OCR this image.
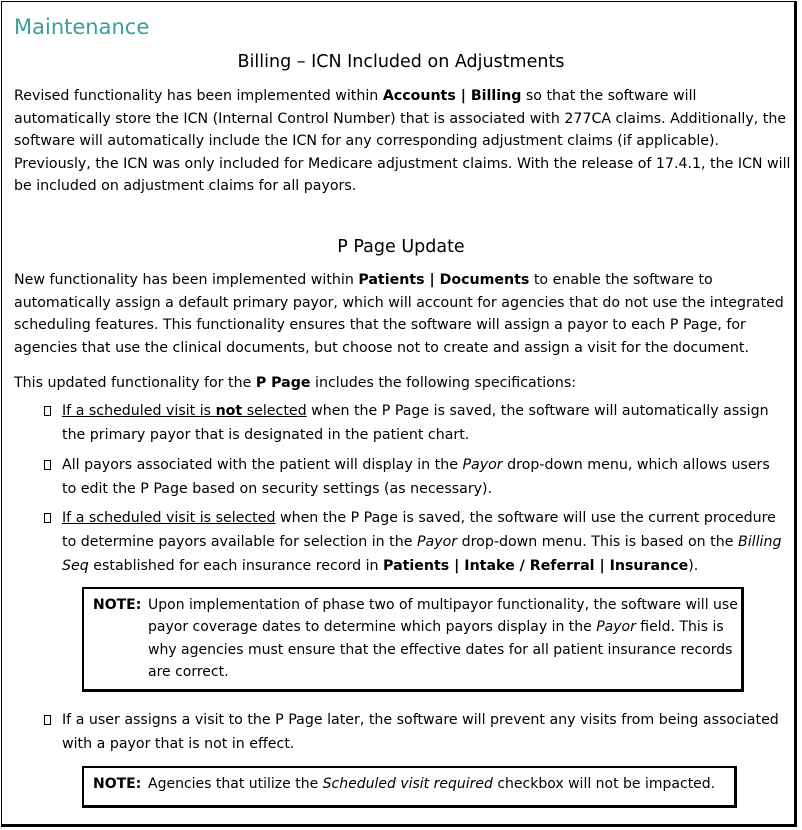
Maintenance
Billing – ICN Included on Adjustments
Revised functionality has been implemented within Accounts | Billing so that the software will automatically store the ICN (Internal Control Number) that is associated with 277CA claims. Additionally, the software will automatically include the ICN for any corresponding adjustment claims (if applicable). Previously, the ICN was only included for Medicare adjustment claims. With the release of 17.4.1, the ICN will be included on adjustment claims for all payors.
P Page Update
New functionality has been implemented within Patients | Documents to enable the software to automatically assign a default primary payor, which will account for agencies that do not use the integrated scheduling features. This functionality ensures that the software will assign a payor to each P Page, for agencies that use the clinical documents, but choose not to create and assign a visit for the document.
This updated functionality for the P Page includes the following specifications:
If a scheduled visit is not selected when the P Page is saved, the software will automatically assign the primary payor that is designated in the patient chart.
All payors associated with the patient will display in the Payor drop-down menu, which allows users to edit the P Page based on security settings (as necessary).
If a scheduled visit is selected when the P Page is saved, the software will use the current procedure to determine payors available for selection in the Payor drop-down menu. This is based on the Billing Seq established for each insurance record in Patients | Intake / Referral | Insurance).
NOTE: Upon implementation of phase two of multipayor functionality, the software will use payor coverage dates to determine which payors display in the Payor field. This is why agencies must ensure that the effective dates for all patient insurance records are correct.
If a user assigns a visit to the P Page later, the software will prevent any visits from being associated with a payor that is not in effect.
NOTE: Agencies that utilize the Scheduled visit required checkbox will not be impacted.
